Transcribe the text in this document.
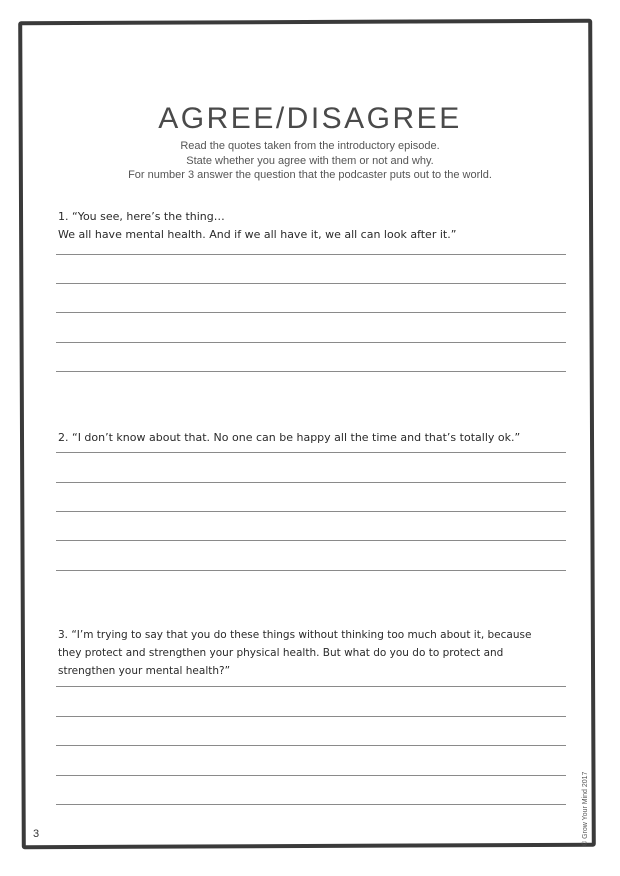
AGREE/DISAGREE
Read the quotes taken from the introductory episode.
State whether you agree with them or not and why.
For number 3 answer the question that the podcaster puts out to the world.
1. “You see, here’s the thing…
We all have mental health. And if we all have it, we all can look after it.”
2. “I don’t know about that. No one can be happy all the time and that’s totally ok.”
3. “I’m trying to say that you do these things without thinking too much about it, because
they protect and strengthen your physical health. But what do you do to protect and
strengthen your mental health?”
3	© Grow Your Mind 2017
